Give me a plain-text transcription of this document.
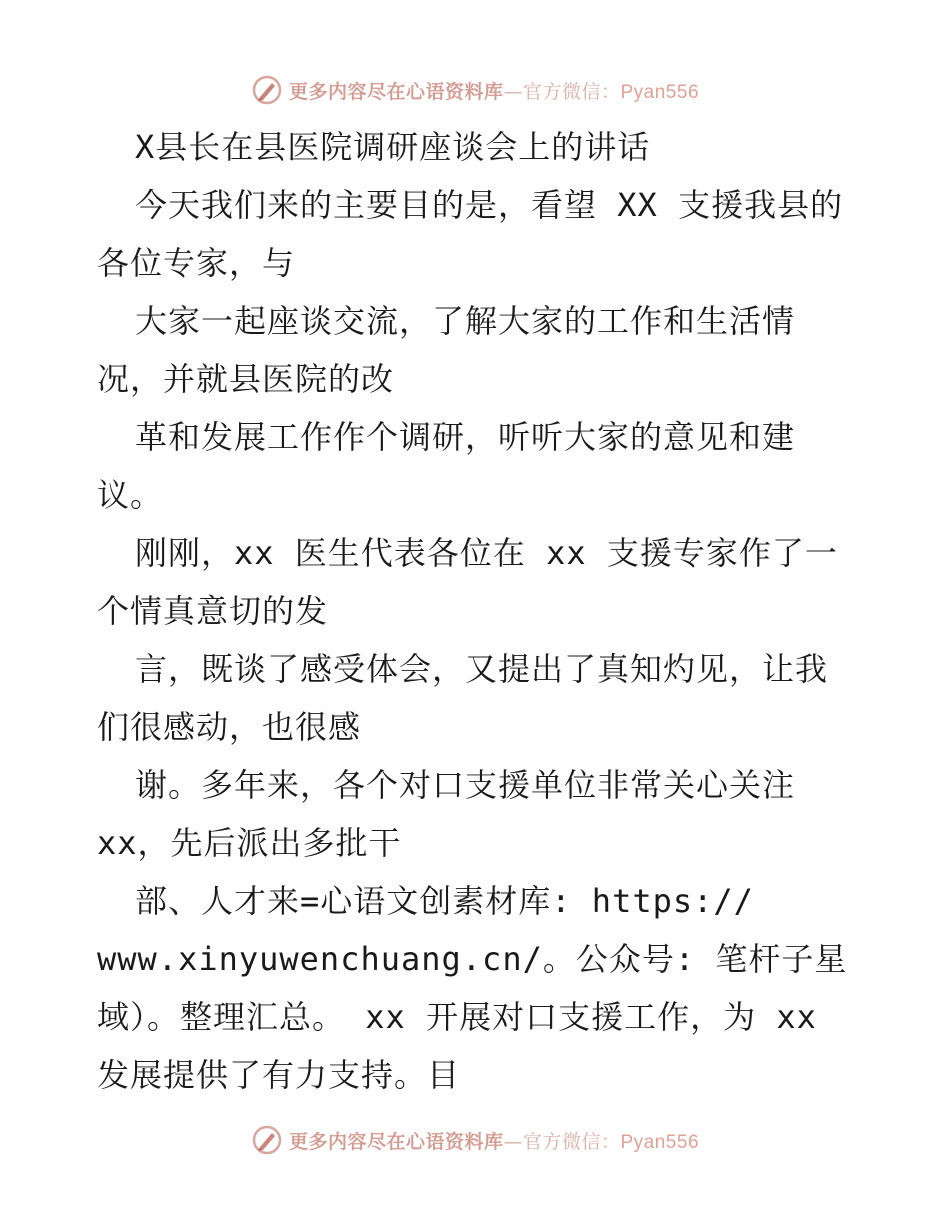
更多内容尽在心语资料库—官方微信：Pyan556
X县长在县医院调研座谈会上的讲话
今天我们来的主要目的是，看望 XX 支援我县的
各位专家，与
大家一起座谈交流，了解大家的工作和生活情
况，并就县医院的改
革和发展工作作个调研，听听大家的意见和建
议。
刚刚，xx 医生代表各位在 xx 支援专家作了一
个情真意切的发
言，既谈了感受体会，又提出了真知灼见，让我
们很感动，也很感
谢。多年来，各个对口支援单位非常关心关注
xx，先后派出多批干
部、人才来=心语文创素材库: https://
www.xinyuwenchuang.cn/。公众号: 笔杆子星
域）。整理汇总。 xx 开展对口支援工作，为 xx
发展提供了有力支持。目
更多内容尽在心语资料库—官方微信：Pyan556
